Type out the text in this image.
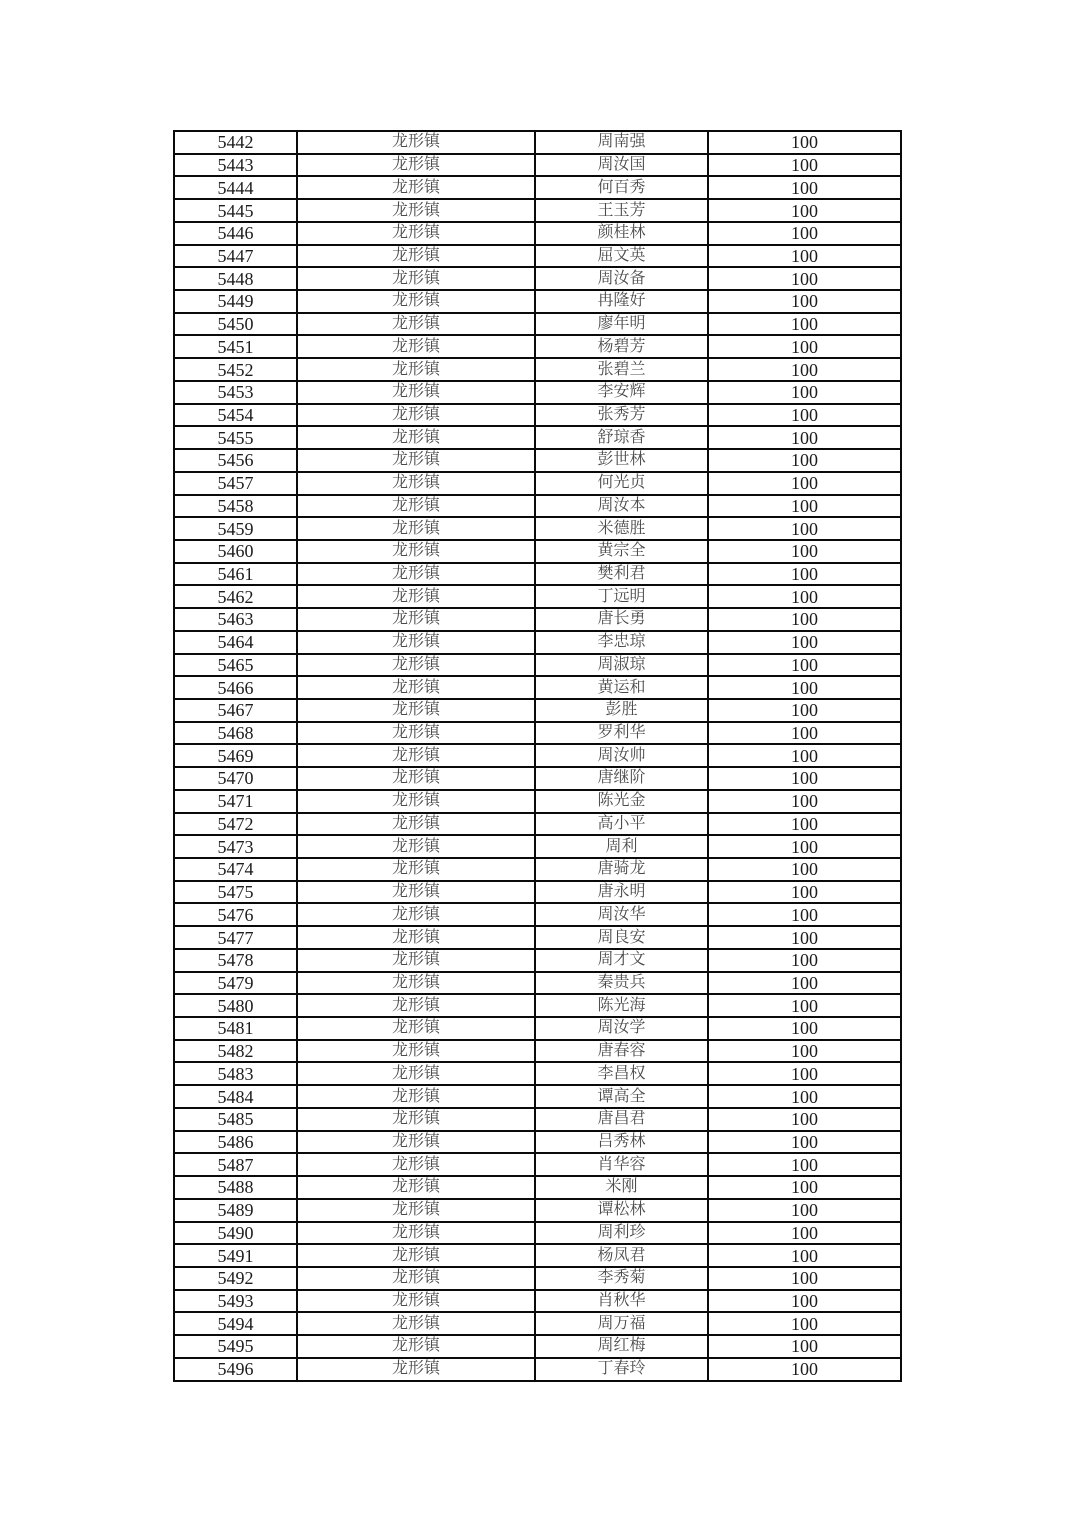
5442	龙形镇	周南强	100
5443	龙形镇	周汝国	100
5444	龙形镇	何百秀	100
5445	龙形镇	王玉芳	100
5446	龙形镇	颜桂林	100
5447	龙形镇	屈文英	100
5448	龙形镇	周汝备	100
5449	龙形镇	冉隆好	100
5450	龙形镇	廖年明	100
5451	龙形镇	杨碧芳	100
5452	龙形镇	张碧兰	100
5453	龙形镇	李安辉	100
5454	龙形镇	张秀芳	100
5455	龙形镇	舒琼香	100
5456	龙形镇	彭世林	100
5457	龙形镇	何光贞	100
5458	龙形镇	周汝本	100
5459	龙形镇	米德胜	100
5460	龙形镇	黄宗全	100
5461	龙形镇	樊利君	100
5462	龙形镇	丁远明	100
5463	龙形镇	唐长勇	100
5464	龙形镇	李忠琼	100
5465	龙形镇	周淑琼	100
5466	龙形镇	黄运和	100
5467	龙形镇	彭胜	100
5468	龙形镇	罗利华	100
5469	龙形镇	周汝帅	100
5470	龙形镇	唐继阶	100
5471	龙形镇	陈光金	100
5472	龙形镇	高小平	100
5473	龙形镇	周利	100
5474	龙形镇	唐骑龙	100
5475	龙形镇	唐永明	100
5476	龙形镇	周汝华	100
5477	龙形镇	周良安	100
5478	龙形镇	周才文	100
5479	龙形镇	秦贵兵	100
5480	龙形镇	陈光海	100
5481	龙形镇	周汝学	100
5482	龙形镇	唐春容	100
5483	龙形镇	李昌权	100
5484	龙形镇	谭高全	100
5485	龙形镇	唐昌君	100
5486	龙形镇	吕秀林	100
5487	龙形镇	肖华容	100
5488	龙形镇	米刚	100
5489	龙形镇	谭松林	100
5490	龙形镇	周利珍	100
5491	龙形镇	杨凤君	100
5492	龙形镇	李秀菊	100
5493	龙形镇	肖秋华	100
5494	龙形镇	周万福	100
5495	龙形镇	周红梅	100
5496	龙形镇	丁春玲	100
